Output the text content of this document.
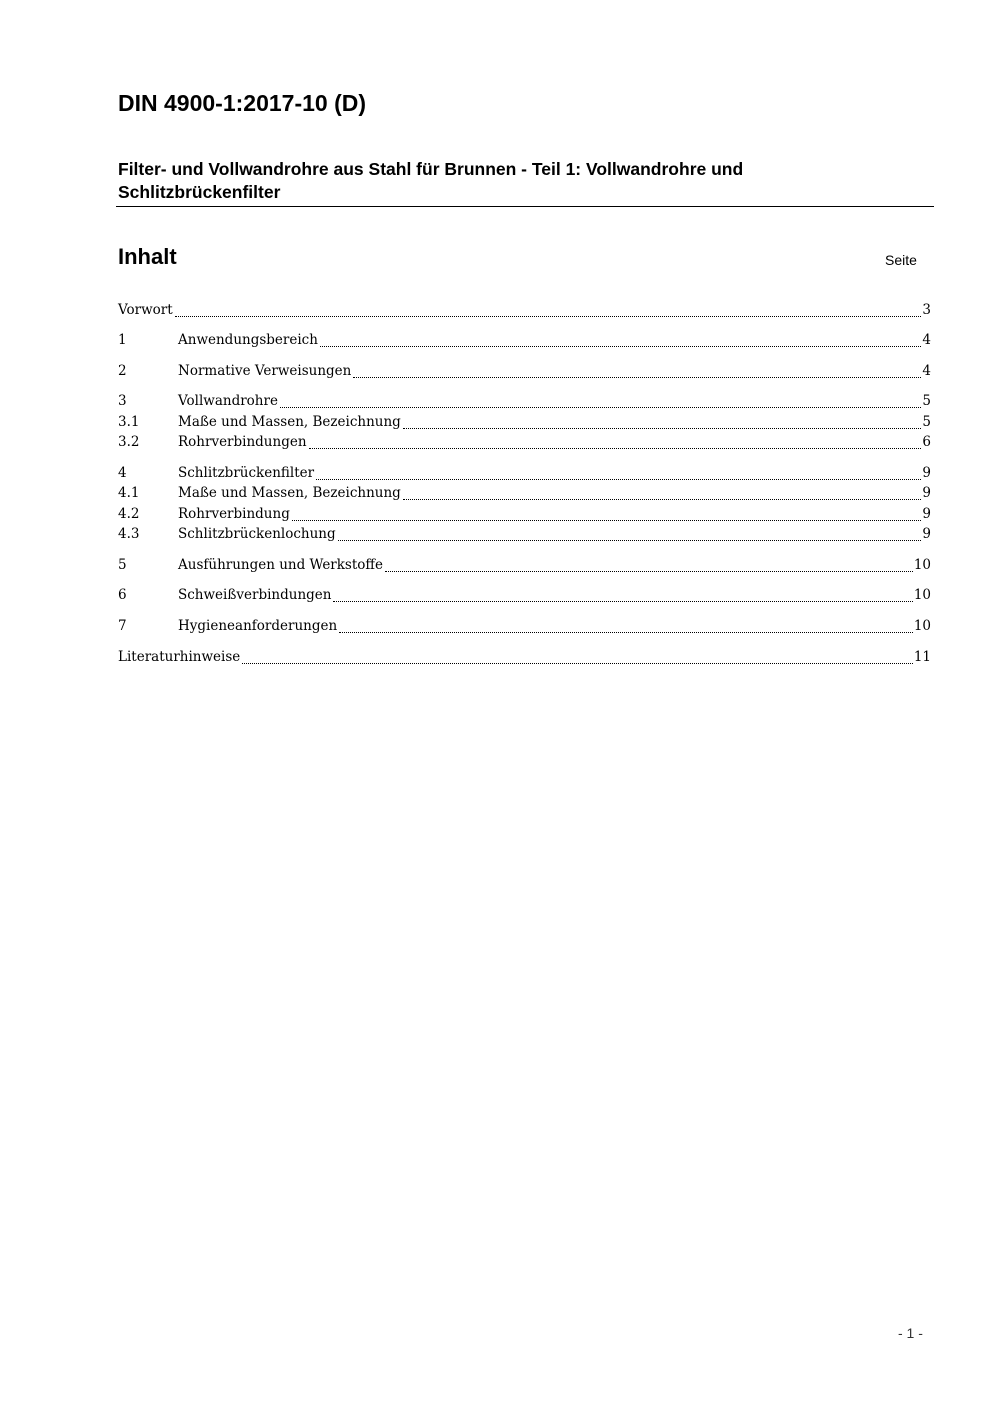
DIN 4900-1:2017-10 (D)
Filter- und Vollwandrohre aus Stahl für Brunnen - Teil 1: Vollwandrohre und Schlitzbrückenfilter
Inhalt	Seite
Vorwort	3
1	Anwendungsbereich	4
2	Normative Verweisungen	4
3	Vollwandrohre	5
3.1	Maße und Massen, Bezeichnung	5
3.2	Rohrverbindungen	6
4	Schlitzbrückenfilter	9
4.1	Maße und Massen, Bezeichnung	9
4.2	Rohrverbindung	9
4.3	Schlitzbrückenlochung	9
5	Ausführungen und Werkstoffe	10
6	Schweißverbindungen	10
7	Hygieneanforderungen	10
Literaturhinweise	11
- 1 -
